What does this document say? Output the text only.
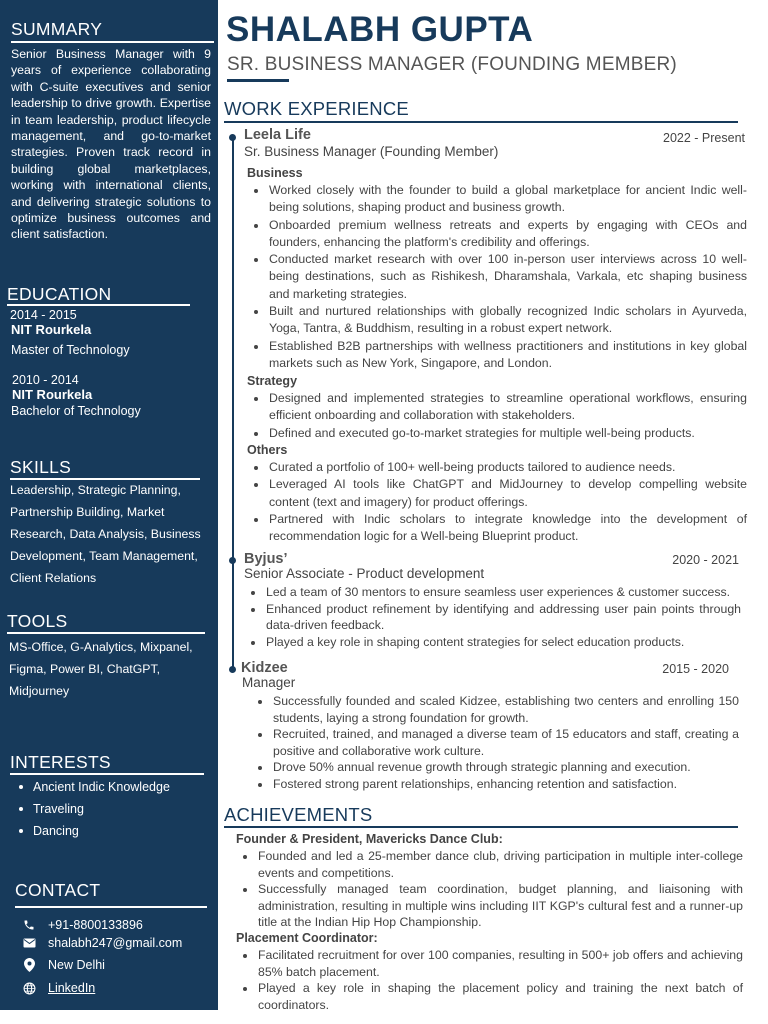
SUMMARY
Senior Business Manager with 9 years of experience collaborating with C-suite executives and senior leadership to drive growth. Expertise in team leadership, product lifecycle management, and go-to-market strategies. Proven track record in building global marketplaces, working with international clients, and delivering strategic solutions to optimize business outcomes and client satisfaction.
EDUCATION
2014 - 2015
NIT Rourkela
Master of Technology
2010 - 2014
NIT Rourkela
Bachelor of Technology
SKILLS
Leadership, Strategic Planning, Partnership Building, Market Research, Data Analysis, Business Development, Team Management, Client Relations
TOOLS
MS-Office, G-Analytics, Mixpanel, Figma, Power BI, ChatGPT, Midjourney
INTERESTS
Ancient Indic Knowledge
Traveling
Dancing
CONTACT
+91-8800133896
shalabh247@gmail.com
New Delhi
LinkedIn
SHALABH GUPTA
SR. BUSINESS MANAGER (FOUNDING MEMBER)
WORK EXPERIENCE
Leela Life	2022 - Present
Sr. Business Manager (Founding Member)
Business
Worked closely with the founder to build a global marketplace for ancient Indic well-being solutions, shaping product and business growth.
Onboarded premium wellness retreats and experts by engaging with CEOs and founders, enhancing the platform's credibility and offerings.
Conducted market research with over 100 in-person user interviews across 10 well-being destinations, such as Rishikesh, Dharamshala, Varkala, etc shaping business and marketing strategies.
Built and nurtured relationships with globally recognized Indic scholars in Ayurveda, Yoga, Tantra, & Buddhism, resulting in a robust expert network.
Established B2B partnerships with wellness practitioners and institutions in key global markets such as New York, Singapore, and London.
Strategy
Designed and implemented strategies to streamline operational workflows, ensuring efficient onboarding and collaboration with stakeholders.
Defined and executed go-to-market strategies for multiple well-being products.
Others
Curated a portfolio of 100+ well-being products tailored to audience needs.
Leveraged AI tools like ChatGPT and MidJourney to develop compelling website content (text and imagery) for product offerings.
Partnered with Indic scholars to integrate knowledge into the development of recommendation logic for a Well-being Blueprint product.
Byjus’	2020 - 2021
Senior Associate - Product development
Led a team of 30 mentors to ensure seamless user experiences & customer success.
Enhanced product refinement by identifying and addressing user pain points through data-driven feedback.
Played a key role in shaping content strategies for select education products.
Kidzee	2015 - 2020
Manager
Successfully founded and scaled Kidzee, establishing two centers and enrolling 150 students, laying a strong foundation for growth.
Recruited, trained, and managed a diverse team of 15 educators and staff, creating a positive and collaborative work culture.
Drove 50% annual revenue growth through strategic planning and execution.
Fostered strong parent relationships, enhancing retention and satisfaction.
ACHIEVEMENTS
Founder & President, Mavericks Dance Club:
Founded and led a 25-member dance club, driving participation in multiple inter-college events and competitions.
Successfully managed team coordination, budget planning, and liaisoning with administration, resulting in multiple wins including IIT KGP's cultural fest and a runner-up title at the Indian Hip Hop Championship.
Placement Coordinator:
Facilitated recruitment for over 100 companies, resulting in 500+ job offers and achieving 85% batch placement.
Played a key role in shaping the placement policy and training the next batch of coordinators.
